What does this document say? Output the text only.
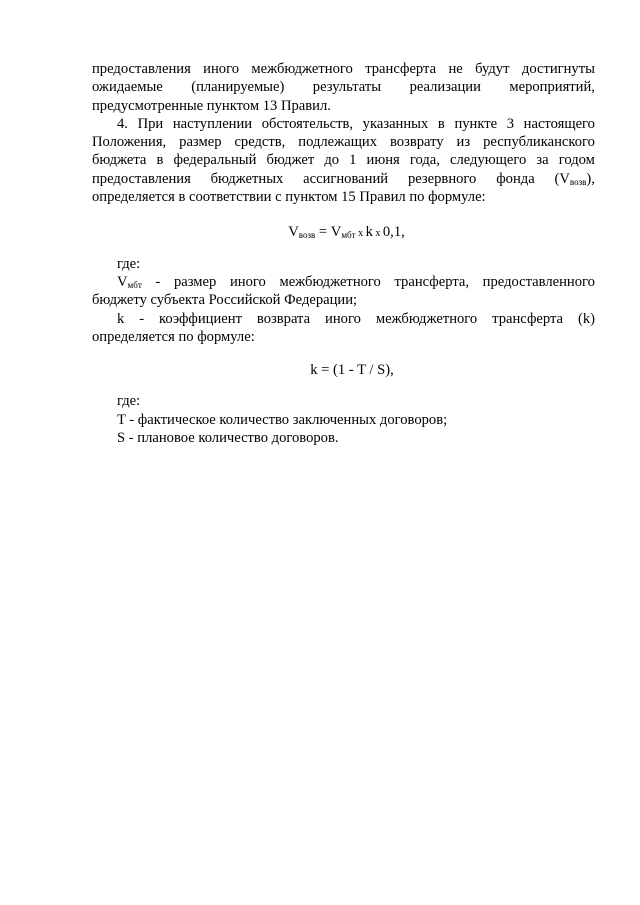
предоставления иного межбюджетного трансферта не будут достигнуты
ожидаемые (планируемые) результаты реализации мероприятий,
предусмотренные пунктом 13 Правил.
4. При наступлении обстоятельств, указанных в пункте 3 настоящего
Положения, размер средств, подлежащих возврату из республиканского
бюджета в федеральный бюджет до 1 июня года, следующего за годом
предоставления бюджетных ассигнований резервного фонда $(V_{возв})$,
определяется в соответствии с пунктом 15 Правил по формуле:
$V_{возв} = V_{мбт}$ х k х 0,1,
где:
$V_{мбт}$ - размер иного межбюджетного трансферта, предоставленного
бюджету субъекта Российской Федерации;
k - коэффициент возврата иного межбюджетного трансферта (k)
определяется по формуле:
k = (1 - T / S),
где:
T - фактическое количество заключенных договоров;
S - плановое количество договоров.
